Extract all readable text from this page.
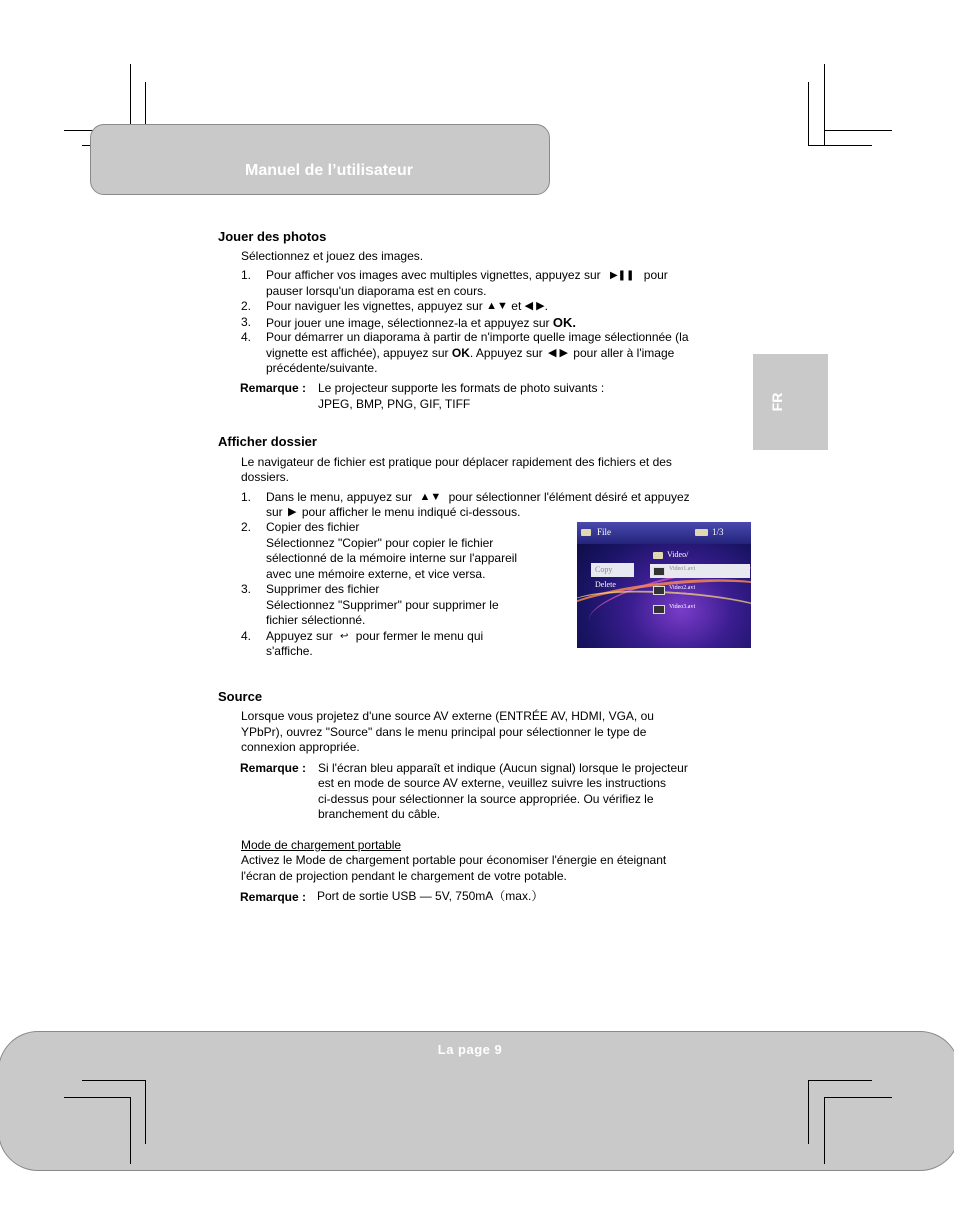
Manuel de l’utilisateur
FR
Jouer des photos
Sélectionnez et jouez des images.
1. Pour afficher vos images avec multiples vignettes, appuyez sur ▶❚❚ pour
pauser lorsqu'un diaporama est en cours.
2. Pour naviguer les vignettes, appuyez sur ▲▼ et ◀ ▶.
3. Pour jouer une image, sélectionnez-la et appuyez sur OK.
4. Pour démarrer un diaporama à partir de n'importe quelle image sélectionnée (la
vignette est affichée), appuyez sur OK. Appuyez sur ◀ ▶ pour aller à l'image
précédente/suivante.
Remarque : Le projecteur supporte les formats de photo suivants :
JPEG, BMP, PNG, GIF, TIFF
Afficher dossier
Le navigateur de fichier est pratique pour déplacer rapidement des fichiers et des
dossiers.
1. Dans le menu, appuyez sur ▲▼ pour sélectionner l'élément désiré et appuyez
sur ▶ pour afficher le menu indiqué ci-dessous.
2. Copier des fichier
Sélectionnez "Copier" pour copier le fichier
sélectionné de la mémoire interne sur l'appareil
avec une mémoire externe, et vice versa.
3. Supprimer des fichier
Sélectionnez "Supprimer" pour supprimer le
fichier sélectionné.
4. Appuyez sur ↩ pour fermer le menu qui
s'affiche.
File	1/3
Video/
Copy
Delete
Video1.avi
Video2.avi
Video3.avi
Source
Lorsque vous projetez d'une source AV externe (ENTRÉE AV, HDMI, VGA, ou
YPbPr), ouvrez "Source" dans le menu principal pour sélectionner le type de
connexion appropriée.
Remarque : Si l'écran bleu apparaît et indique (Aucun signal) lorsque le projecteur
est en mode de source AV externe, veuillez suivre les instructions
ci-dessus pour sélectionner la source appropriée. Ou vérifiez le
branchement du câble.
Mode de chargement portable
Activez le Mode de chargement portable pour économiser l'énergie en éteignant
l'écran de projection pendant le chargement de votre potable.
Remarque : Port de sortie USB — 5V, 750mA（max.）
La page 9
